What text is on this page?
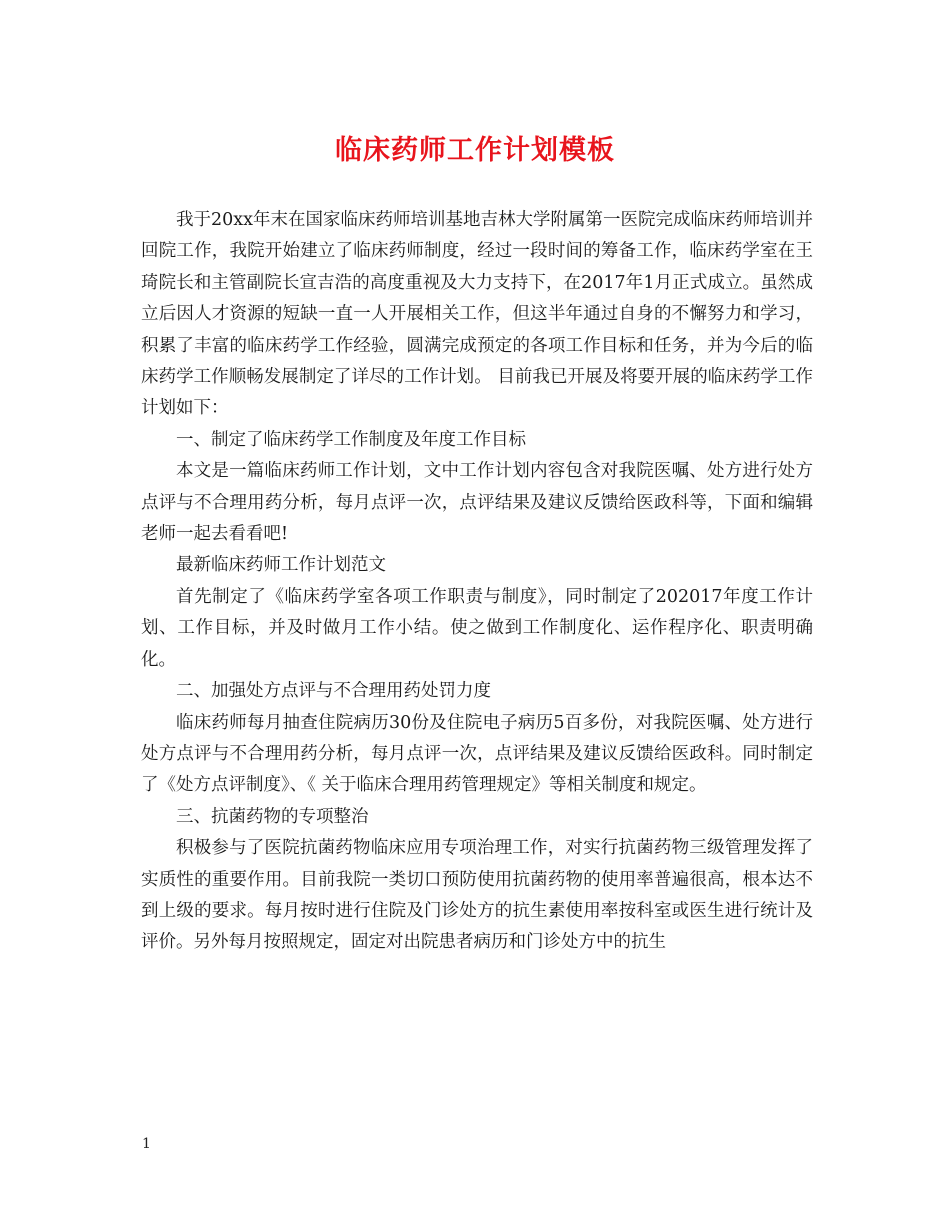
临床药师工作计划模板

我于20xx年末在国家临床药师培训基地吉林大学附属第一医院完成临床药师培训并回院工作，我院开始建立了临床药师制度，经过一段时间的筹备工作，临床药学室在王琦院长和主管副院长宣吉浩的高度重视及大力支持下，在2017年1月正式成立。虽然成立后因人才资源的短缺一直一人开展相关工作，但这半年通过自身的不懈努力和学习，积累了丰富的临床药学工作经验，圆满完成预定的各项工作目标和任务，并为今后的临床药学工作顺畅发展制定了详尽的工作计划。 目前我已开展及将要开展的临床药学工作计划如下：

一、制定了临床药学工作制度及年度工作目标

本文是一篇临床药师工作计划，文中工作计划内容包含对我院医嘱、处方进行处方点评与不合理用药分析，每月点评一次，点评结果及建议反馈给医政科等，下面和编辑老师一起去看看吧!

最新临床药师工作计划范文

首先制定了《临床药学室各项工作职责与制度》，同时制定了202017年度工作计划、工作目标，并及时做月工作小结。使之做到工作制度化、运作程序化、职责明确化。

二、加强处方点评与不合理用药处罚力度

临床药师每月抽查住院病历30份及住院电子病历5百多份，对我院医嘱、处方进行处方点评与不合理用药分析，每月点评一次，点评结果及建议反馈给医政科。同时制定了《处方点评制度》、《 关于临床合理用药管理规定》等相关制度和规定。

三、抗菌药物的专项整治

积极参与了医院抗菌药物临床应用专项治理工作，对实行抗菌药物三级管理发挥了实质性的重要作用。目前我院一类切口预防使用抗菌药物的使用率普遍很高，根本达不到上级的要求。每月按时进行住院及门诊处方的抗生素使用率按科室或医生进行统计及评价。另外每月按照规定，固定对出院患者病历和门诊处方中的抗生

1
